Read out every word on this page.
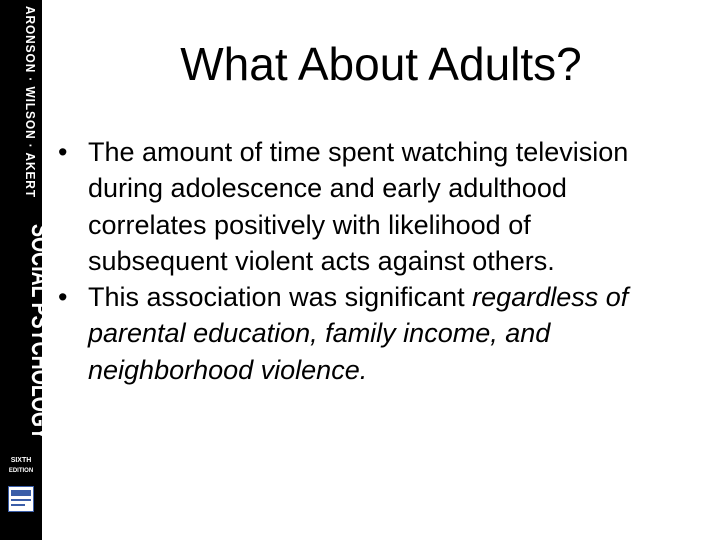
ARONSON · WILSON · AKERT
SOCIAL PSYCHOLOGY
SIXTH
EDITION
What About Adults?
• The amount of time spent watching television during adolescence and early adulthood correlates positively with likelihood of subsequent violent acts against others.
• This association was significant regardless of parental education, family income, and neighborhood violence.
